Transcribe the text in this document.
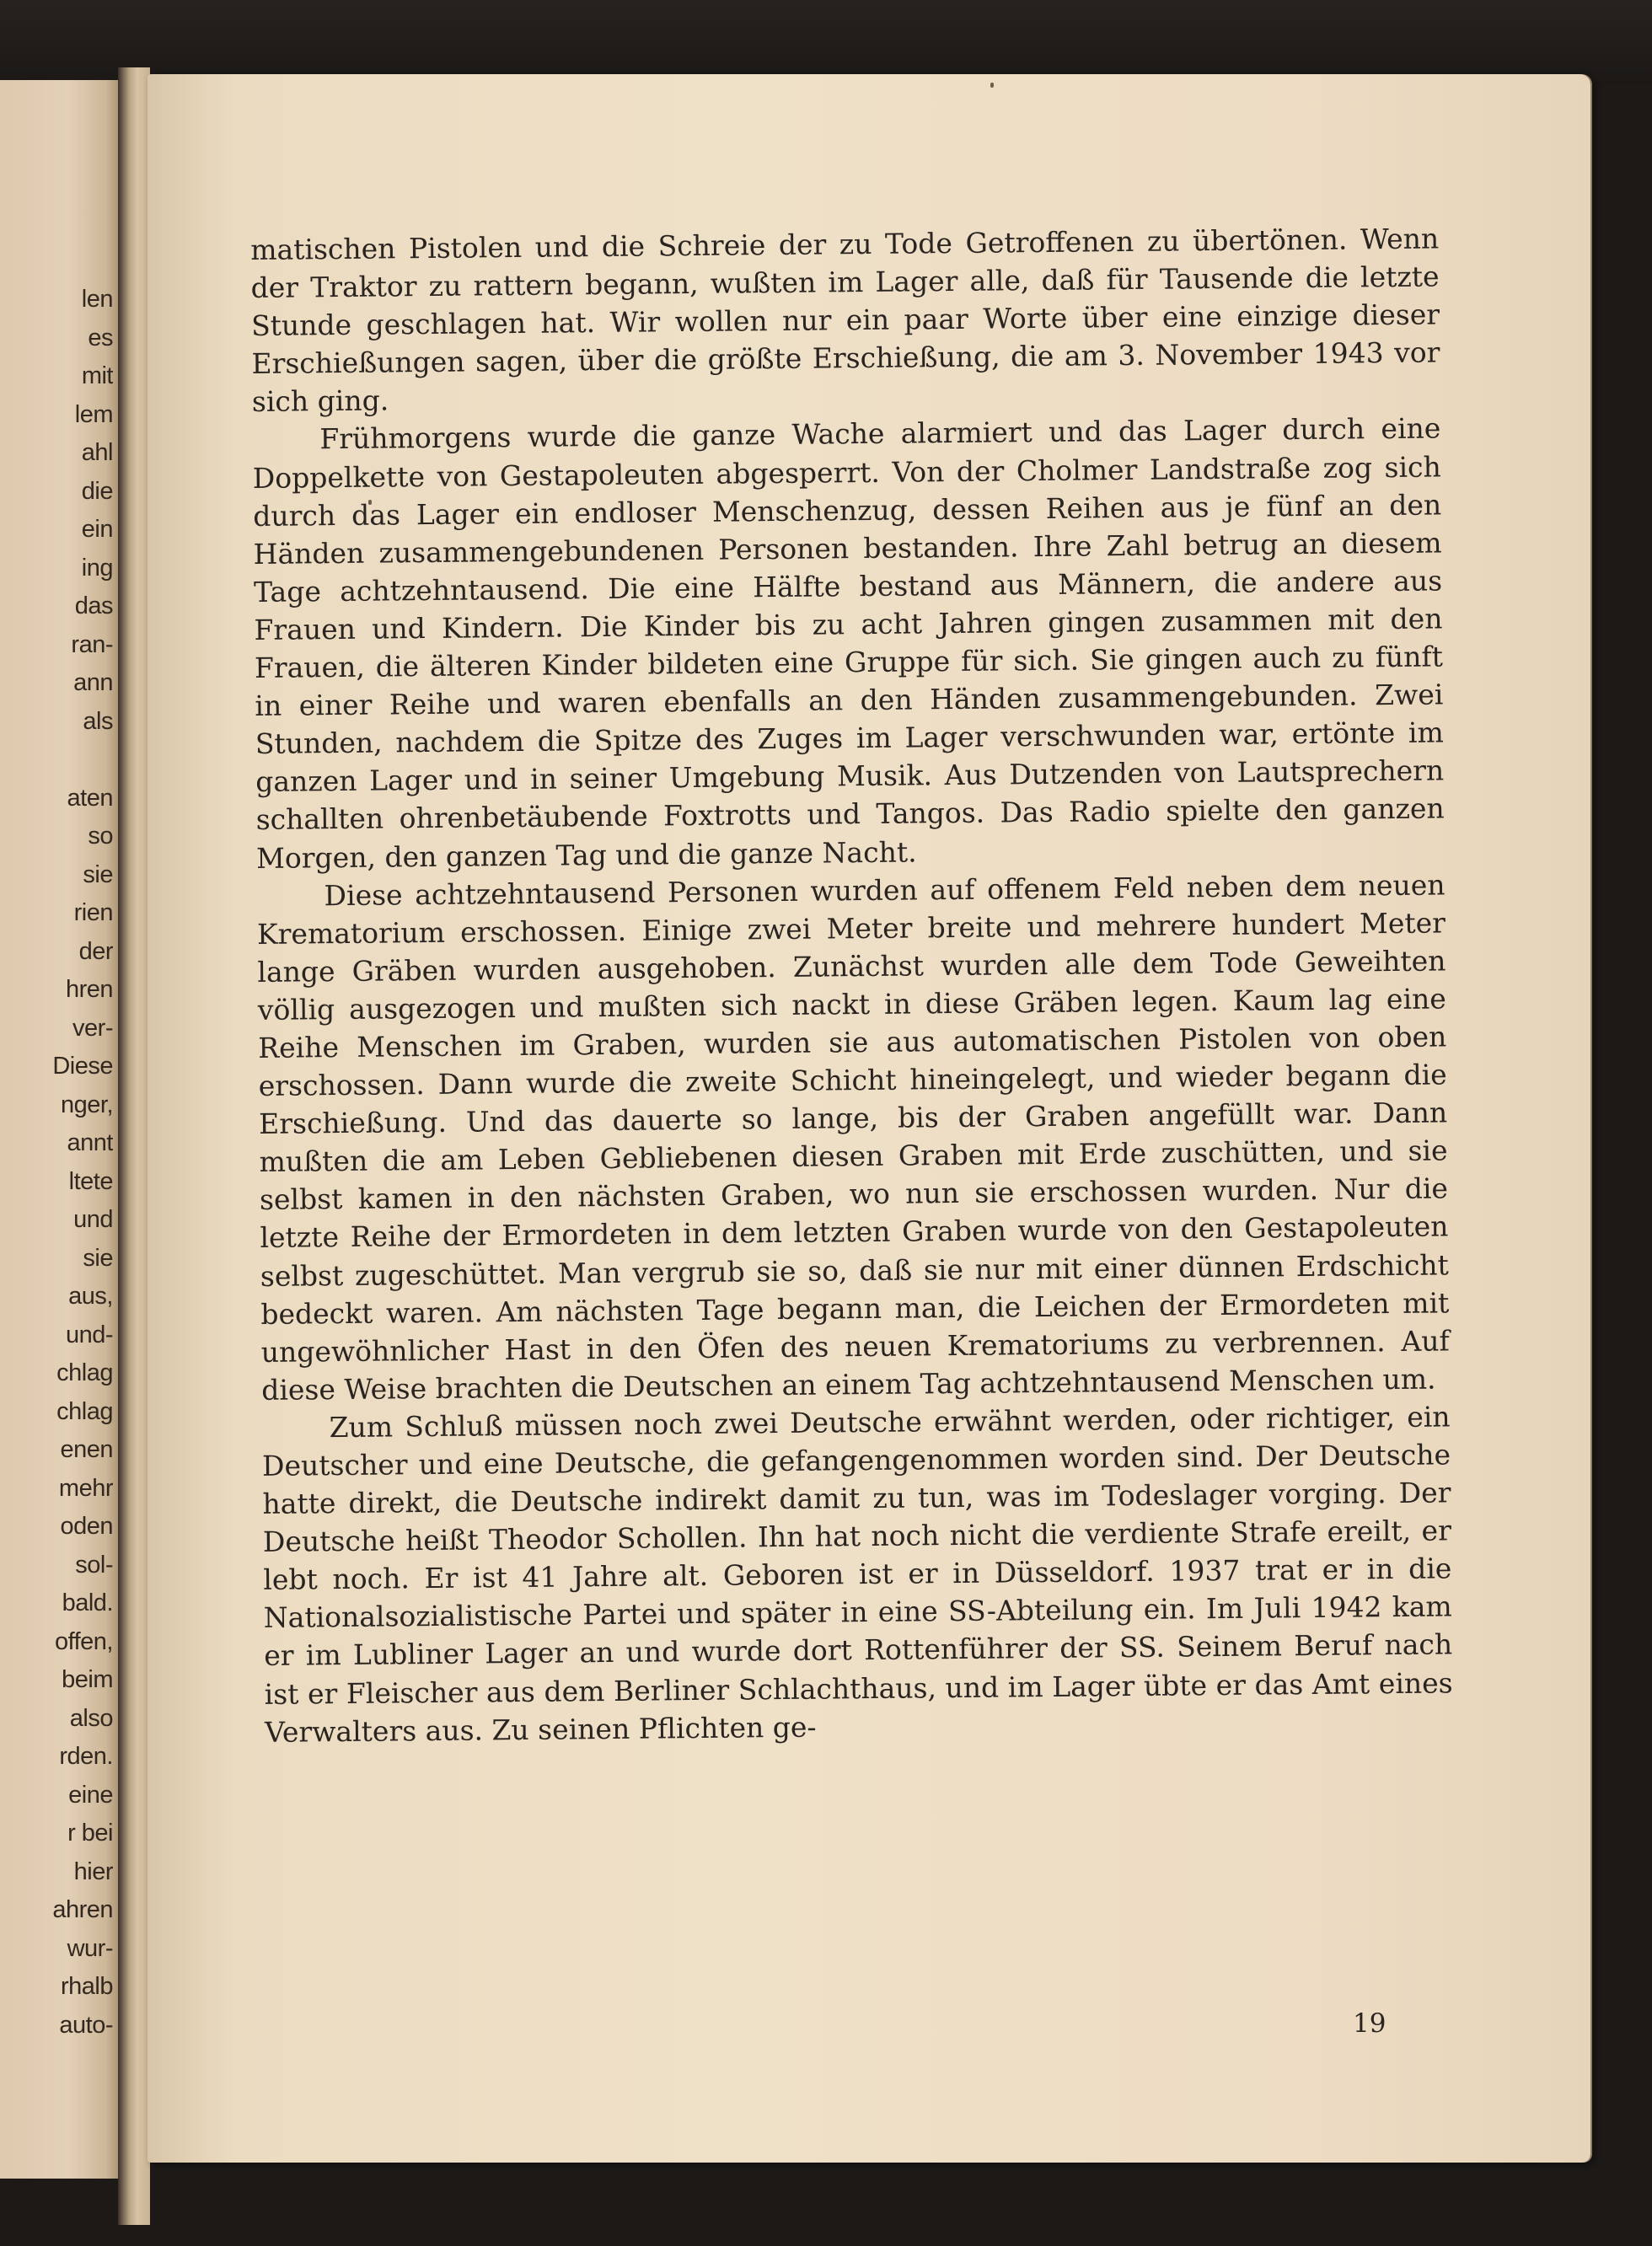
len
es
mit
lem
ahl
die
ein
ing
das
ran-
ann
als
aten
so
sie
rien
der
hren
ver-
Diese
nger,
annt
ltete
und
sie
aus,
und-
chlag
chlag
enen
mehr
oden
sol-
bald.
offen,
beim
also
rden.
eine
r bei
hier
ahren
wur-
rhalb
auto-

matischen Pistolen und die Schreie der zu Tode Getroffenen zu übertönen. Wenn der Traktor zu rattern begann, wußten im Lager alle, daß für Tausende die letzte Stunde geschlagen hat. Wir wollen nur ein paar Worte über eine einzige dieser Erschießungen sagen, über die größte Erschießung, die am 3. November 1943 vor sich ging.

Frühmorgens wurde die ganze Wache alarmiert und das Lager durch eine Doppelkette von Gestapoleuten abgesperrt. Von der Cholmer Landstraße zog sich durch das Lager ein endloser Menschenzug, dessen Reihen aus je fünf an den Händen zusammengebundenen Personen bestanden. Ihre Zahl betrug an diesem Tage achtzehntausend. Die eine Hälfte bestand aus Männern, die andere aus Frauen und Kindern. Die Kinder bis zu acht Jahren gingen zusammen mit den Frauen, die älteren Kinder bildeten eine Gruppe für sich. Sie gingen auch zu fünft in einer Reihe und waren ebenfalls an den Händen zusammengebunden. Zwei Stunden, nachdem die Spitze des Zuges im Lager verschwunden war, ertönte im ganzen Lager und in seiner Umgebung Musik. Aus Dutzenden von Lautsprechern schallten ohrenbetäubende Foxtrotts und Tangos. Das Radio spielte den ganzen Morgen, den ganzen Tag und die ganze Nacht.

Diese achtzehntausend Personen wurden auf offenem Feld neben dem neuen Krematorium erschossen. Einige zwei Meter breite und mehrere hundert Meter lange Gräben wurden ausgehoben. Zunächst wurden alle dem Tode Geweihten völlig ausgezogen und mußten sich nackt in diese Gräben legen. Kaum lag eine Reihe Menschen im Graben, wurden sie aus automatischen Pistolen von oben erschossen. Dann wurde die zweite Schicht hineingelegt, und wieder begann die Erschießung. Und das dauerte so lange, bis der Graben angefüllt war. Dann mußten die am Leben Gebliebenen diesen Graben mit Erde zuschütten, und sie selbst kamen in den nächsten Graben, wo nun sie erschossen wurden. Nur die letzte Reihe der Ermordeten in dem letzten Graben wurde von den Gestapoleuten selbst zugeschüttet. Man vergrub sie so, daß sie nur mit einer dünnen Erdschicht bedeckt waren. Am nächsten Tage begann man, die Leichen der Ermordeten mit ungewöhnlicher Hast in den Öfen des neuen Krematoriums zu verbrennen. Auf diese Weise brachten die Deutschen an einem Tag achtzehntausend Menschen um.

Zum Schluß müssen noch zwei Deutsche erwähnt werden, oder richtiger, ein Deutscher und eine Deutsche, die gefangengenommen worden sind. Der Deutsche hatte direkt, die Deutsche indirekt damit zu tun, was im Todeslager vorging. Der Deutsche heißt Theodor Schollen. Ihn hat noch nicht die verdiente Strafe ereilt, er lebt noch. Er ist 41 Jahre alt. Geboren ist er in Düsseldorf. 1937 trat er in die Nationalsozialistische Partei und später in eine SS-Abteilung ein. Im Juli 1942 kam er im Lubliner Lager an und wurde dort Rottenführer der SS. Seinem Beruf nach ist er Fleischer aus dem Berliner Schlachthaus, und im Lager übte er das Amt eines Verwalters aus. Zu seinen Pflichten ge-

19
